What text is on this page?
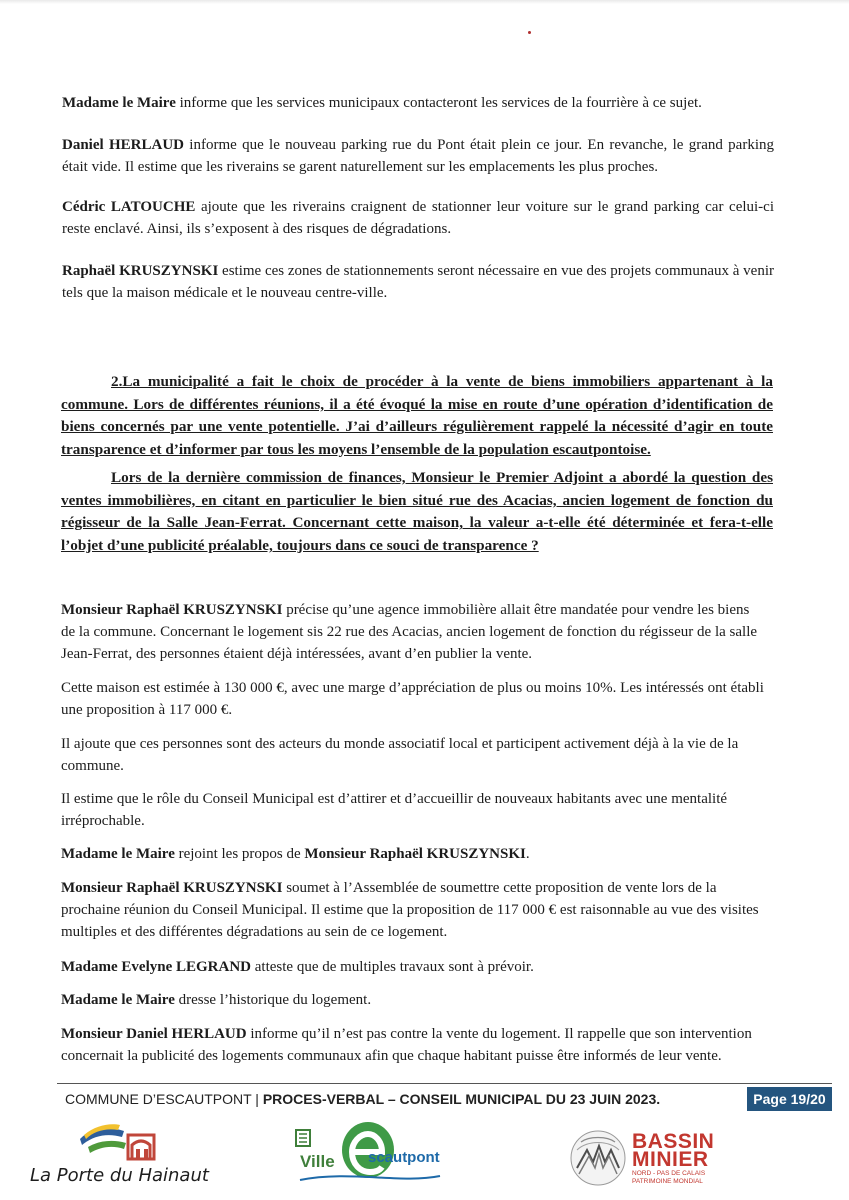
Madame le Maire informe que les services municipaux contacteront les services de la fourrière à ce sujet.

Daniel HERLAUD informe que le nouveau parking rue du Pont était plein ce jour. En revanche, le grand parking était vide. Il estime que les riverains se garent naturellement sur les emplacements les plus proches.

Cédric LATOUCHE ajoute que les riverains craignent de stationner leur voiture sur le grand parking car celui-ci reste enclavé. Ainsi, ils s’exposent à des risques de dégradations.

Raphaël KRUSZYNSKI estime ces zones de stationnements seront nécessaire en vue des projets communaux à venir tels que la maison médicale et le nouveau centre-ville.

2.La municipalité a fait le choix de procéder à la vente de biens immobiliers appartenant à la commune. Lors de différentes réunions, il a été évoqué la mise en route d’une opération d’identification de biens concernés par une vente potentielle. J’ai d’ailleurs régulièrement rappelé la nécessité d’agir en toute transparence et d’informer par tous les moyens l’ensemble de la population escautpontoise.

Lors de la dernière commission de finances, Monsieur le Premier Adjoint a abordé la question des ventes immobilières, en citant en particulier le bien situé rue des Acacias, ancien logement de fonction du régisseur de la Salle Jean-Ferrat. Concernant cette maison, la valeur a-t-elle été déterminée et fera-t-elle l’objet d’une publicité préalable, toujours dans ce souci de transparence ?

Monsieur Raphaël KRUSZYNSKI précise qu’une agence immobilière allait être mandatée pour vendre les biens de la commune. Concernant le logement sis 22 rue des Acacias, ancien logement de fonction du régisseur de la salle Jean-Ferrat, des personnes étaient déjà intéressées, avant d’en publier la vente.

Cette maison est estimée à 130 000 €, avec une marge d’appréciation de plus ou moins 10%. Les intéressés ont établi une proposition à 117 000 €.

Il ajoute que ces personnes sont des acteurs du monde associatif local et participent activement déjà à la vie de la commune.

Il estime que le rôle du Conseil Municipal est d’attirer et d’accueillir de nouveaux habitants avec une mentalité irréprochable.

Madame le Maire rejoint les propos de Monsieur Raphaël KRUSZYNSKI.

Monsieur Raphaël KRUSZYNSKI soumet à l’Assemblée de soumettre cette proposition de vente lors de la prochaine réunion du Conseil Municipal. Il estime que la proposition de 117 000 € est raisonnable au vue des visites multiples et des différentes dégradations au sein de ce logement.

Madame Evelyne LEGRAND atteste que de multiples travaux sont à prévoir.

Madame le Maire dresse l’historique du logement.

Monsieur Daniel HERLAUD informe qu’il n’est pas contre la vente du logement. Il rappelle que son intervention concernait la publicité des logements communaux afin que chaque habitant puisse être informés de leur vente.

COMMUNE D’ESCAUTPONT | PROCES-VERBAL – CONSEIL MUNICIPAL DU 23 JUIN 2023.	Page 19/20
La Porte du Hainaut
Ville scautpont
BASSIN
MINIER
NORD - PAS DE CALAIS
PATRIMOINE MONDIAL
